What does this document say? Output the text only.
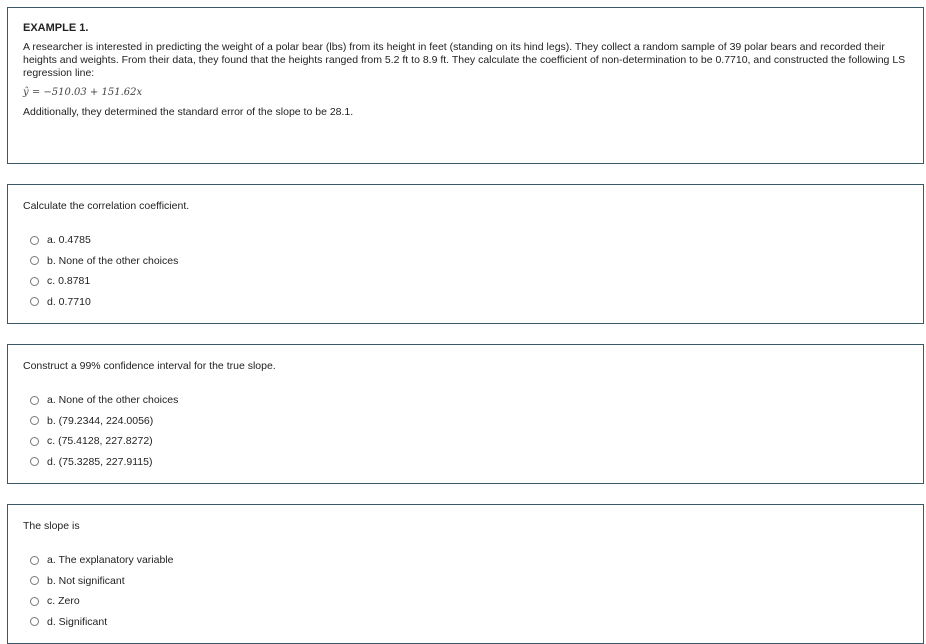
EXAMPLE 1.

A researcher is interested in predicting the weight of a polar bear (lbs) from its height in feet (standing on its hind legs). They collect a random sample of 39 polar bears and recorded their heights and weights. From their data, they found that the heights ranged from 5.2 ft to 8.9 ft. They calculate the coefficient of non-determination to be 0.7710, and constructed the following LS regression line:

ŷ = −510.03 + 151.62x

Additionally, they determined the standard error of the slope to be 28.1.

Calculate the correlation coefficient.
a. 0.4785
b. None of the other choices
c. 0.8781
d. 0.7710
Construct a 99% confidence interval for the true slope.
a. None of the other choices
b. (79.2344, 224.0056)
c. (75.4128, 227.8272)
d. (75.3285, 227.9115)
The slope is
a. The explanatory variable
b. Not significant
c. Zero
d. Significant
